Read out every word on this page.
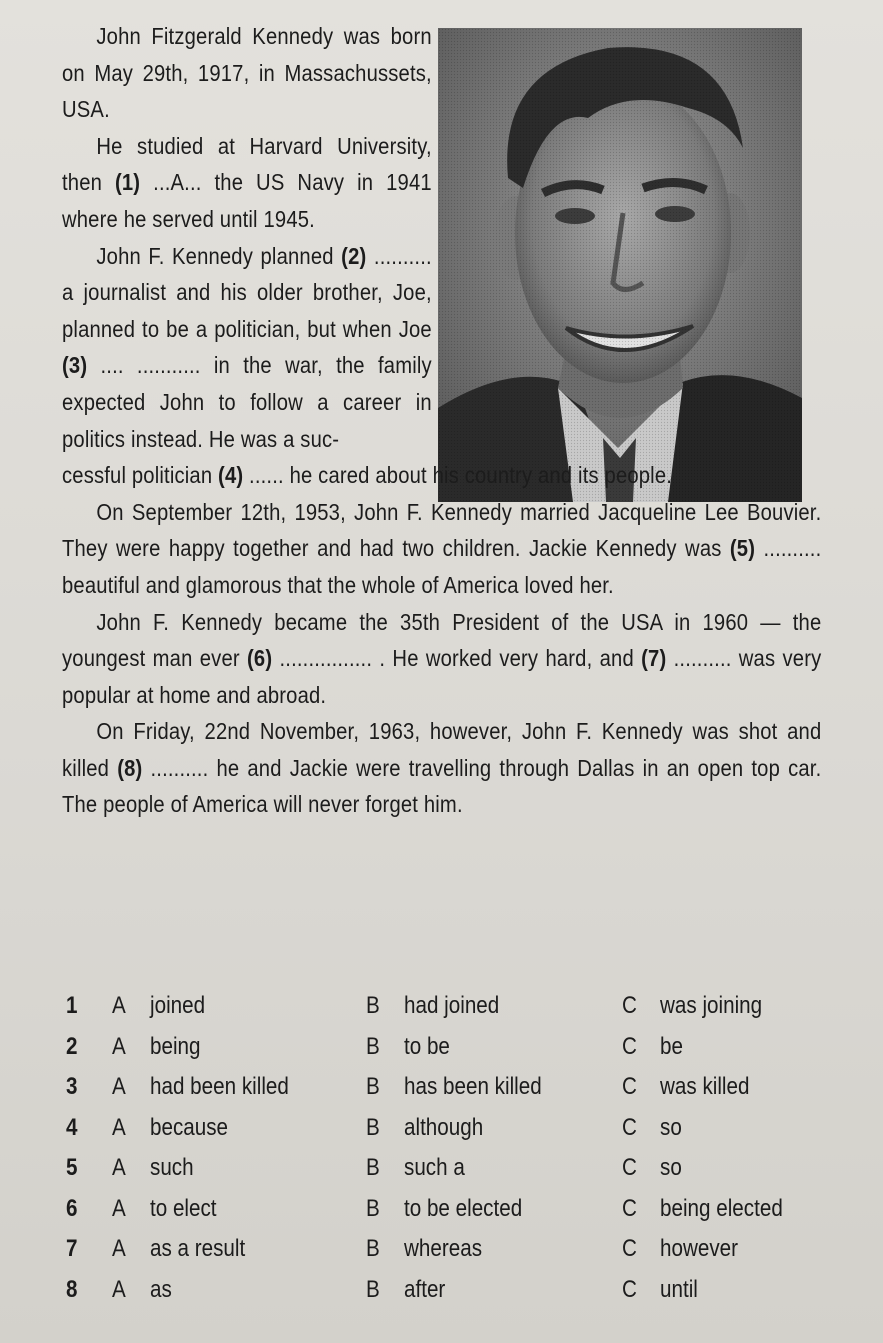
John Fitzgerald Kennedy was born on May 29th, 1917, in Massachussets, USA.

He studied at Harvard University, then (1) ...A... the US Navy in 1941 where he served until 1945.

John F. Kennedy planned (2) .......... a journalist and his older brother, Joe, planned to be a politician, but when Joe (3) .... ........... in the war, the family expected John to follow a career in politics instead. He was a suc-

cessful politician (4) ...... he cared about his country and its people.

On September 12th, 1953, John F. Kennedy married Jacqueline Lee Bouvier. They were happy together and had two children. Jackie Kennedy was (5) .......... beautiful and glamorous that the whole of America loved her.

John F. Kennedy became the 35th President of the USA in 1960 — the youngest man ever (6) ................ . He worked very hard, and (7) .......... was very popular at home and abroad.

On Friday, 22nd November, 1963, however, John F. Kennedy was shot and killed (8) .......... he and Jackie were travelling through Dallas in an open top car. The people of America will never forget him.

1 A joined	B had joined	C was joining
2 A being	B to be	C be
3 A had been killed	B has been killed	C was killed
4 A because	B although	C so
5 A such	B such a	C so
6 A to elect	B to be elected	C being elected
7 A as a result	B whereas	C however
8 A as	B after	C until
